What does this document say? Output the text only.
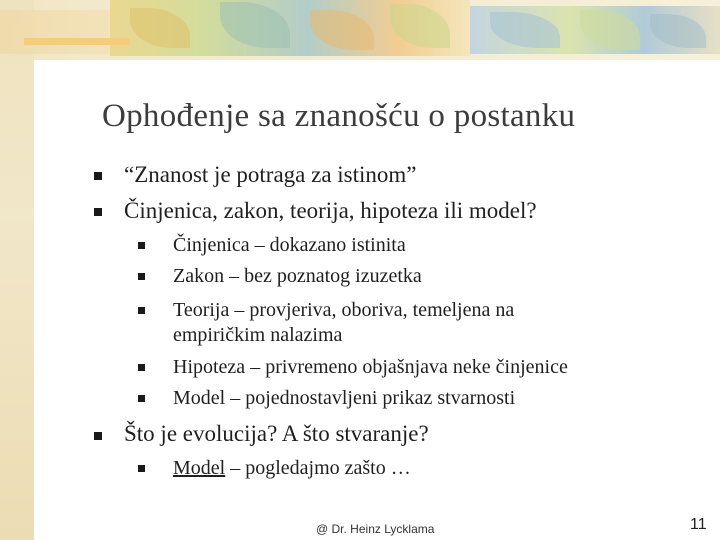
Ophođenje sa znanošću o postanku
“Znanost je potraga za istinom”
Činjenica, zakon, teorija, hipoteza ili model?
Činjenica – dokazano istinita
Zakon – bez poznatog izuzetka
Teorija – provjeriva, oboriva, temeljena na
empiričkim nalazima
Hipoteza – privremeno objašnjava neke činjenice
Model – pojednostavljeni prikaz stvarnosti
Što je evolucija? A što stvaranje?
Model – pogledajmo zašto …
@ Dr. Heinz Lycklama	11
